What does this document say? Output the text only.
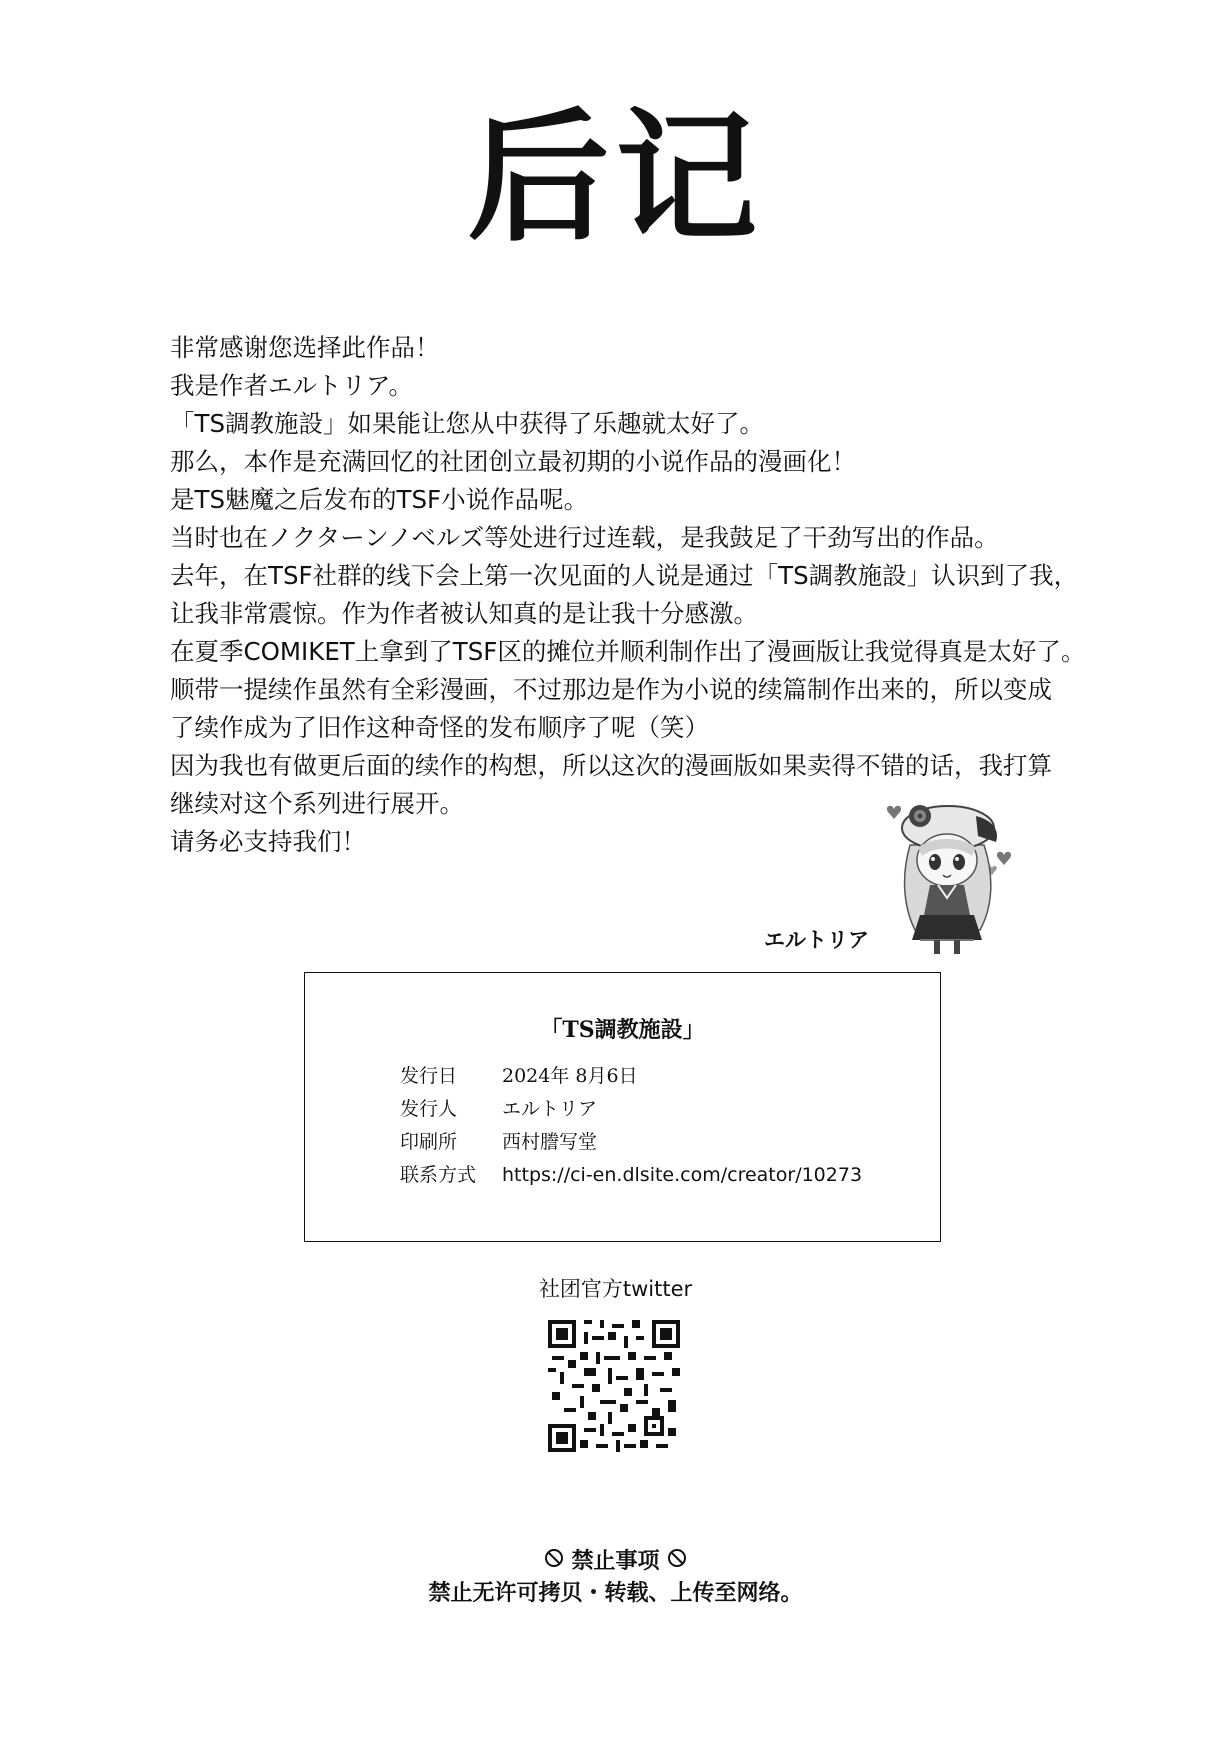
后记
非常感谢您选择此作品！
我是作者エルトリア。
「TS調教施設」如果能让您从中获得了乐趣就太好了。
那么，本作是充满回忆的社团创立最初期的小说作品的漫画化！
是TS魅魔之后发布的TSF小说作品呢。
当时也在ノクターンノベルズ等处进行过连载，是我鼓足了干劲写出的作品。
去年，在TSF社群的线下会上第一次见面的人说是通过「TS調教施設」认识到了我，
让我非常震惊。作为作者被认知真的是让我十分感激。
在夏季COMIKET上拿到了TSF区的摊位并顺利制作出了漫画版让我觉得真是太好了。
顺带一提续作虽然有全彩漫画，不过那边是作为小说的续篇制作出来的，所以变成
了续作成为了旧作这种奇怪的发布顺序了呢（笑）
因为我也有做更后面的续作的构想，所以这次的漫画版如果卖得不错的话，我打算
继续对这个系列进行展开。
请务必支持我们！
エルトリア
「TS調教施設」
发行日 2024年 8月6日
发行人 エルトリア
印刷所 西村謄写堂
联系方式 https://ci-en.dlsite.com/creator/10273
社团官方twitter
禁止事项
禁止无许可拷贝・转载、上传至网络。
